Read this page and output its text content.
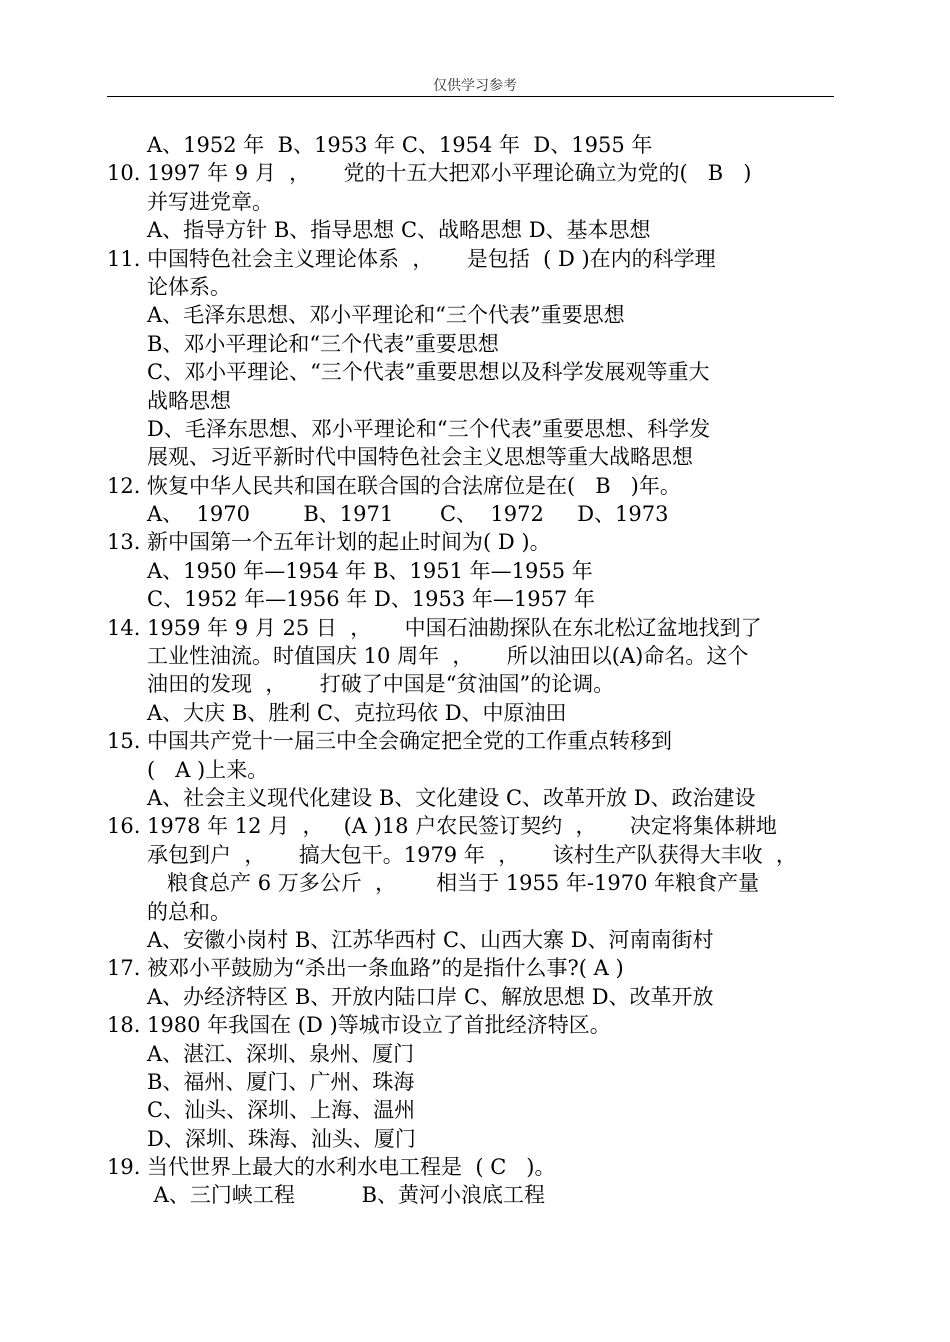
仅供学习参考
A、1952 年  B、1953 年 C、1954 年  D、1955 年
10. 1997 年 9 月  ，     党的十五大把邓小平理论确立为党的(   B   )
并写进党章。
A、指导方针 B、指导思想 C、战略思想 D、基本思想
11. 中国特色社会主义理论体系  ，     是包括  ( D )在内的科学理
论体系。
A、毛泽东思想、邓小平理论和“三个代表”重要思想
B、邓小平理论和“三个代表”重要思想
C、邓小平理论、“三个代表”重要思想以及科学发展观等重大
战略思想
D、毛泽东思想、邓小平理论和“三个代表”重要思想、科学发
展观、习近平新时代中国特色社会主义思想等重大战略思想
12. 恢复中华人民共和国在联合国的合法席位是在(   B   )年。
A、  1970        B、1971       C、  1972     D、1973
13. 新中国第一个五年计划的起止时间为( D )。
A、1950 年—1954 年 B、1951 年—1955 年
C、1952 年—1956 年 D、1953 年—1957 年
14. 1959 年 9 月 25 日  ，     中国石油勘探队在东北松辽盆地找到了
工业性油流。时值国庆 10 周年  ，     所以油田以(A)命名。这个
油田的发现  ，     打破了中国是“贫油国”的论调。
A、大庆 B、胜利 C、克拉玛依 D、中原油田
15. 中国共产党十一届三中全会确定把全党的工作重点转移到
(   A )上来。
A、社会主义现代化建设 B、文化建设 C、改革开放 D、政治建设
16. 1978 年 12 月  ，   (A )18 户农民签订契约  ，     决定将集体耕地
承包到户  ，     搞大包干。1979 年  ，     该村生产队获得大丰收  ，
粮食总产 6 万多公斤  ，      相当于 1955 年-1970 年粮食产量
的总和。
A、安徽小岗村 B、江苏华西村 C、山西大寨 D、河南南街村
17. 被邓小平鼓励为“杀出一条血路”的是指什么事?( A )
A、办经济特区 B、开放内陆口岸 C、解放思想 D、改革开放
18. 1980 年我国在 (D )等城市设立了首批经济特区。
A、湛江、深圳、泉州、厦门
B、福州、厦门、广州、珠海
C、汕头、深圳、上海、温州
D、深圳、珠海、汕头、厦门
19. 当代世界上最大的水利水电工程是  ( C   )。
A、三门峡工程          B、黄河小浪底工程
